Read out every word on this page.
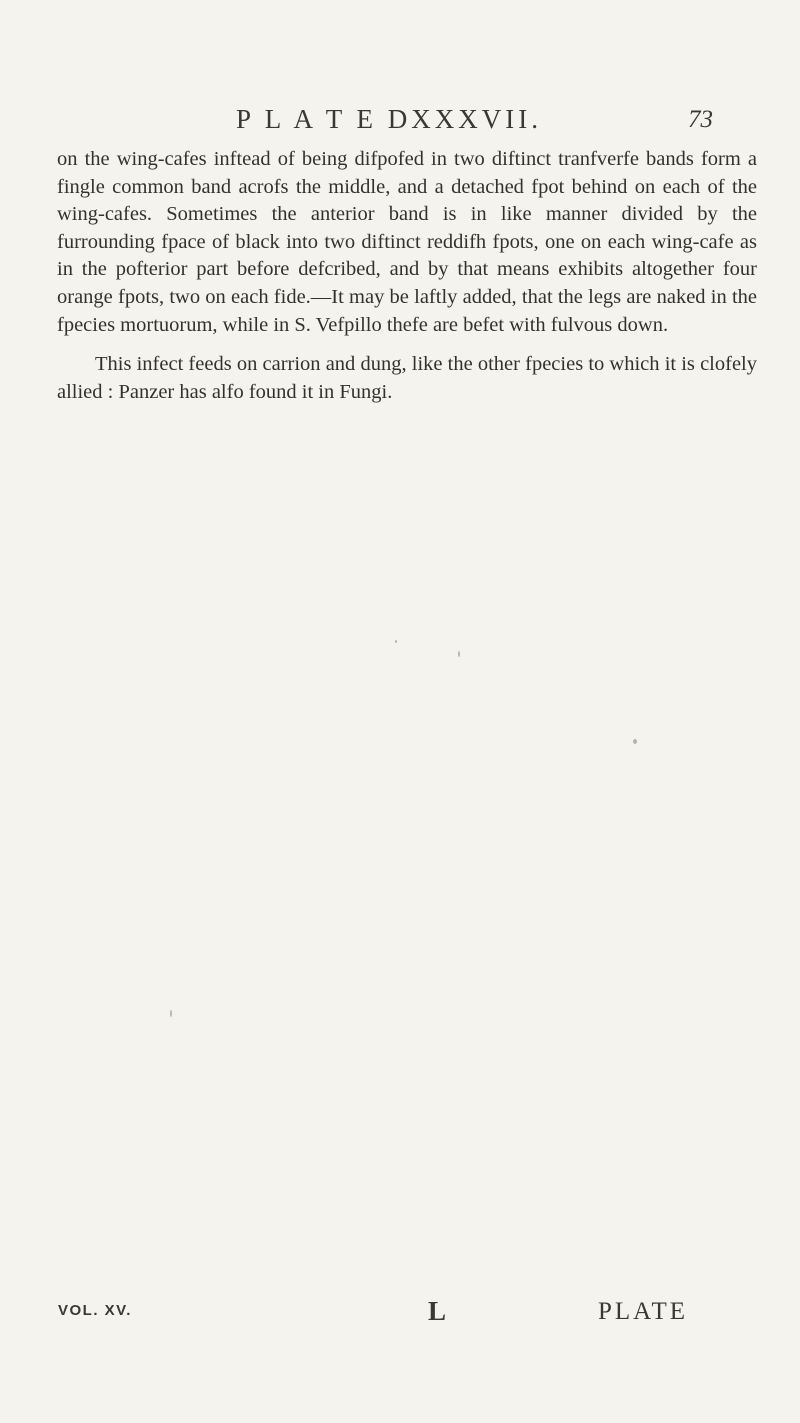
P L A T E DXXXVII.	73

on the wing-cafes inftead of being difpofed in two diftinct tranfverfe bands form a fingle common band acrofs the middle, and a detached fpot behind on each of the wing-cafes. Sometimes the anterior band is in like manner divided by the furrounding fpace of black into two diftinct reddifh fpots, one on each wing-cafe as in the pofterior part before defcribed, and by that means exhibits altogether four orange fpots, two on each fide.—It may be laftly added, that the legs are naked in the fpecies mortuorum, while in S. Vefpillo thefe are befet with fulvous down.

This infect feeds on carrion and dung, like the other fpecies to which it is clofely allied : Panzer has alfo found it in Fungi.

VOL. XV.	L	PLATE
